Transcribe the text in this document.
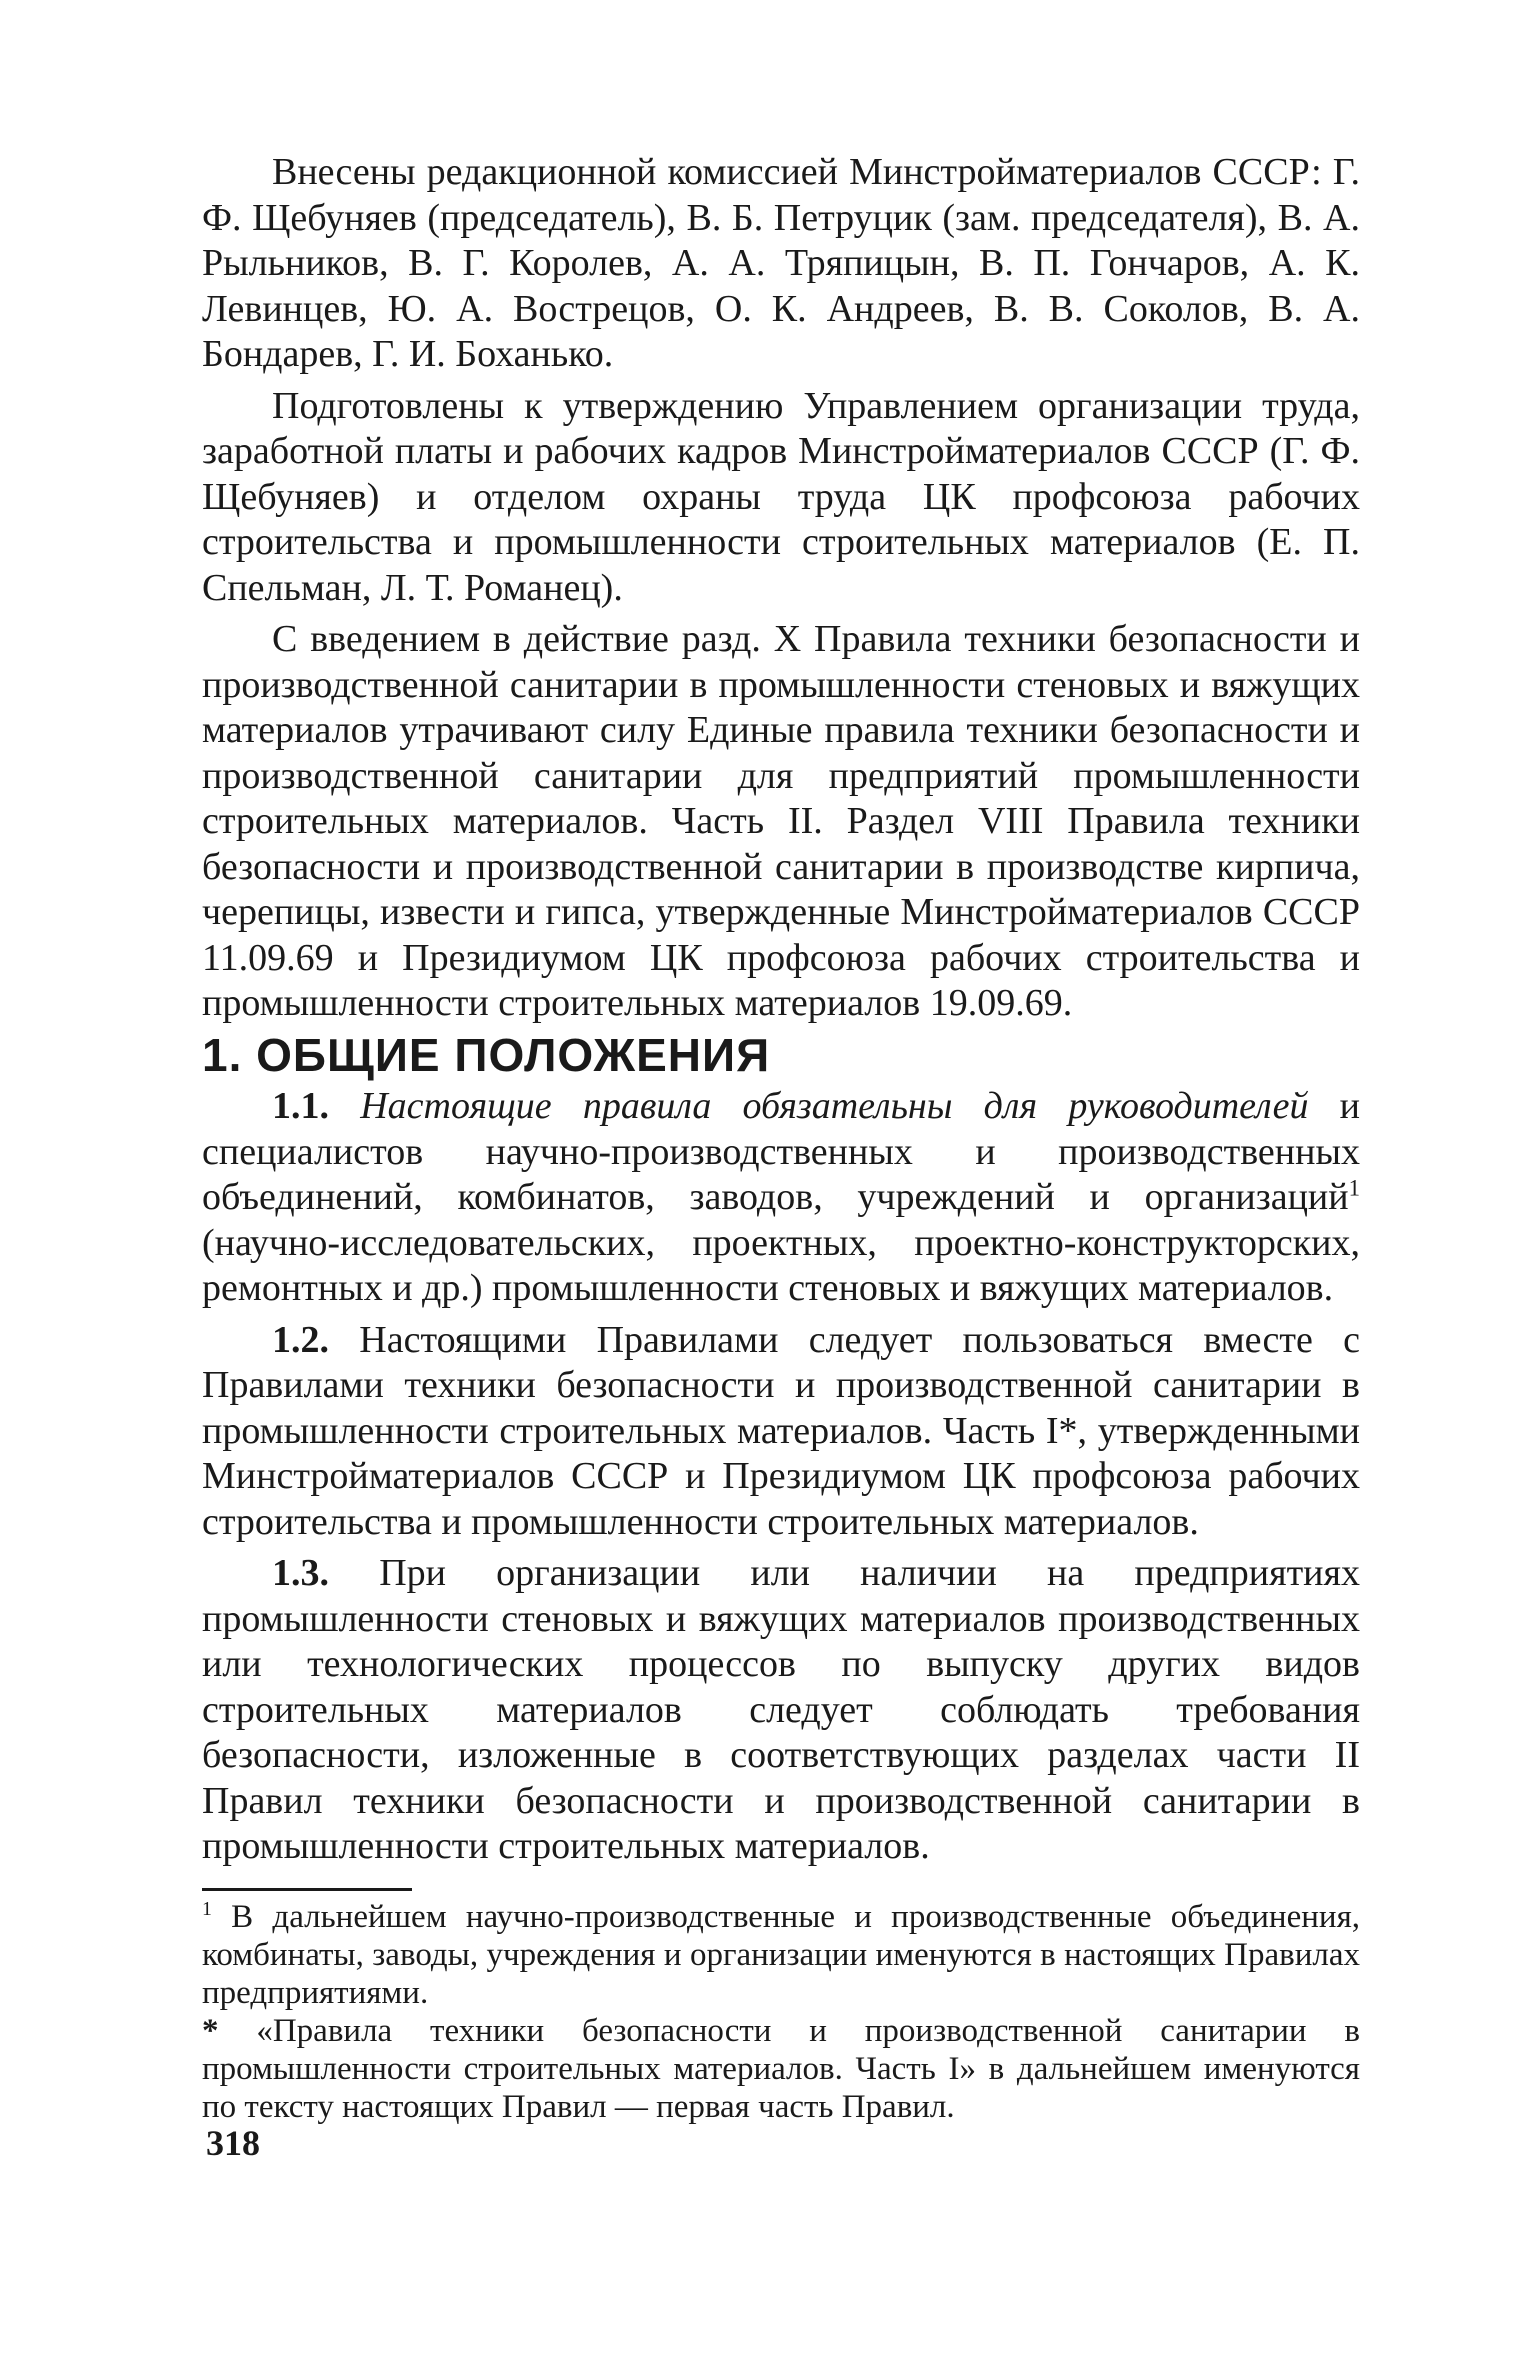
Внесены редакционной комиссией Минстройматериалов СССР: Г. Ф. Щебуняев (председатель), В. Б. Петруцик (зам. председателя), В. А. Рыльников, В. Г. Королев, А. А. Тряпицын, В. П. Гончаров, А. К. Левинцев, Ю. А. Вострецов, О. К. Андреев, В. В. Соколов, В. А. Бондарев, Г. И. Боханько.

Подготовлены к утверждению Управлением организации труда, заработной платы и рабочих кадров Минстройматериалов СССР (Г. Ф. Щебуняев) и отделом охраны труда ЦК профсоюза рабочих строительства и промышленности строительных материалов (Е. П. Спельман, Л. Т. Романец).

С введением в действие разд. X Правила техники безопасности и производственной санитарии в промышленности стеновых и вяжущих материалов утрачивают силу Единые правила техники безопасности и производственной санитарии для предприятий промышленности строительных материалов. Часть II. Раздел VIII Правила техники безопасности и производственной санитарии в производстве кирпича, черепицы, извести и гипса, утвержденные Минстройматериалов СССР 11.09.69 и Президиумом ЦК профсоюза рабочих строительства и промышленности строительных материалов 19.09.69.

1. ОБЩИЕ ПОЛОЖЕНИЯ

1.1. Настоящие правила обязательны для руководителей и специалистов научно-производственных и производственных объединений, комбинатов, заводов, учреждений и организаций$^1$ (научно-исследовательских, проектных, проектно-конструкторских, ремонтных и др.) промышленности стеновых и вяжущих материалов.

1.2. Настоящими Правилами следует пользоваться вместе с Правилами техники безопасности и производственной санитарии в промышленности строительных материалов. Часть I*, утвержденными Минстройматериалов СССР и Президиумом ЦК профсоюза рабочих строительства и промышленности строительных материалов.

1.3. При организации или наличии на предприятиях промышленности стеновых и вяжущих материалов производственных или технологических процессов по выпуску других видов строительных материалов следует соблюдать требования безопасности, изложенные в соответствующих разделах части II Правил техники безопасности и производственной санитарии в промышленности строительных материалов.

$^1$ В дальнейшем научно-производственные и производственные объединения, комбинаты, заводы, учреждения и организации именуются в настоящих Правилах предприятиями.

* «Правила техники безопасности и производственной санитарии в промышленности строительных материалов. Часть I» в дальнейшем именуются по тексту настоящих Правил — первая часть Правил.

318
